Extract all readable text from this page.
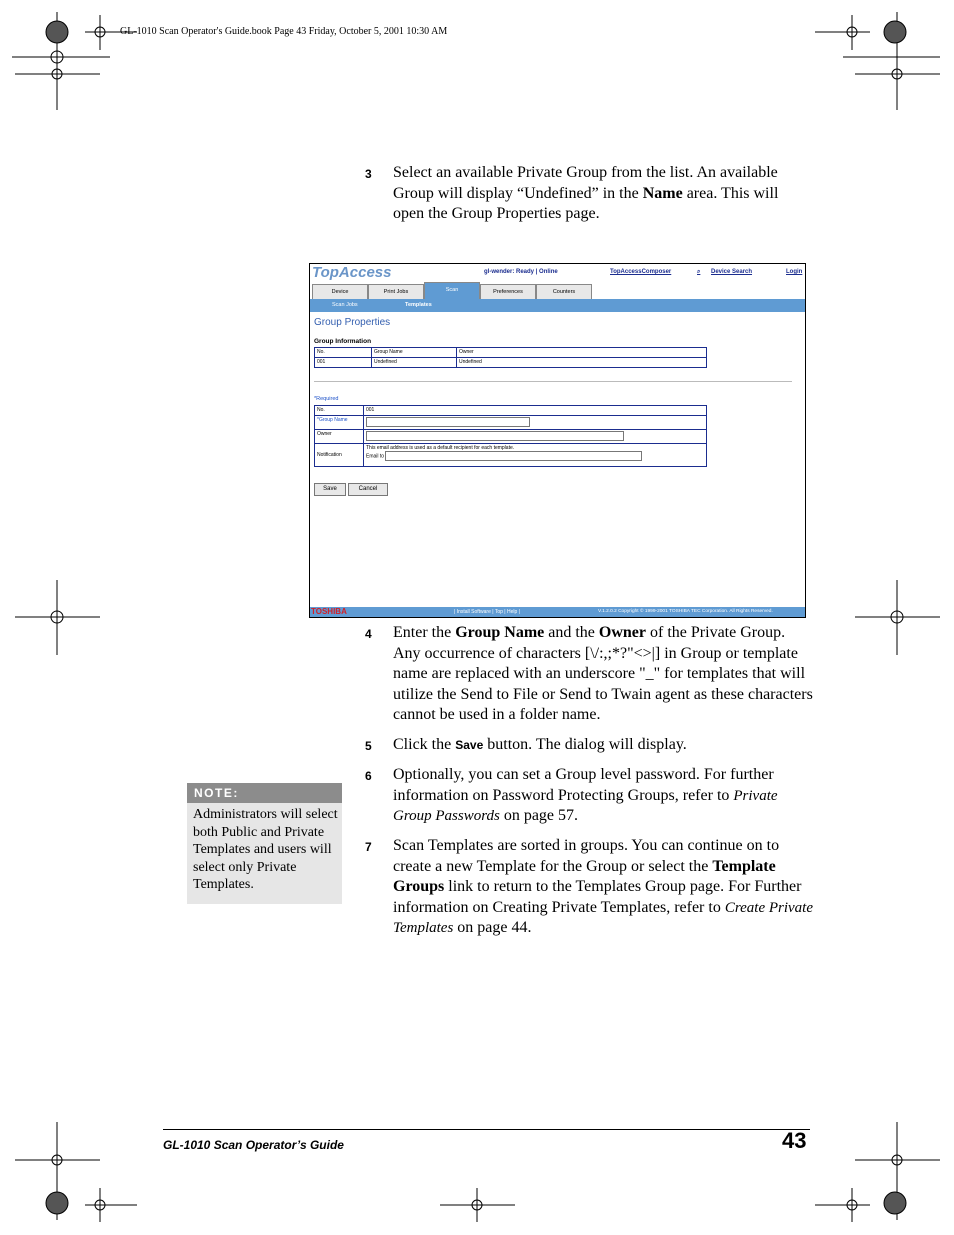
GL-1010 Scan Operator's Guide.book Page 43 Friday, October 5, 2001 10:30 AM
3 Select an available Private Group from the list. An available Group will display “Undefined” in the Name area. This will open the Group Properties page.
TopAccess	gl-wender: Ready | Online	TopAccessComposer	⌕ Device Search	Login
Device	Print Jobs	Scan	Preferences	Counters
Scan Jobs	Templates
Group Properties
Group Information
No.	Group Name	Owner
001	Undefined	Undefined
*Required
No.	001
*Group Name	
Owner	
Notification	This email address is used as a default recipient for each template.
Email to
Save	Cancel
TOSHIBA	| Install Software | Top | Help |	V.1.2.0.2 Copyright © 1999-2001 TOSHIBA TEC Corporation. All Rights Reserved.
4 Enter the Group Name and the Owner of the Private Group. Any occurrence of characters [\/:,;*?"<>|] in Group or template name are replaced with an underscore "_" for templates that will utilize the Send to File or Send to Twain agent as these characters cannot be used in a folder name.
5 Click the Save button. The dialog will display.
6 Optionally, you can set a Group level password. For further information on Password Protecting Groups, refer to Private Group Passwords on page 57.
7 Scan Templates are sorted in groups. You can continue on to create a new Template for the Group or select the Template Groups link to return to the Templates Group page. For Further information on Creating Private Templates, refer to Create Private Templates on page 44.
NOTE:
Administrators will select both Public and Private Templates and users will select only Private Templates.
GL-1010 Scan Operator’s Guide	43
